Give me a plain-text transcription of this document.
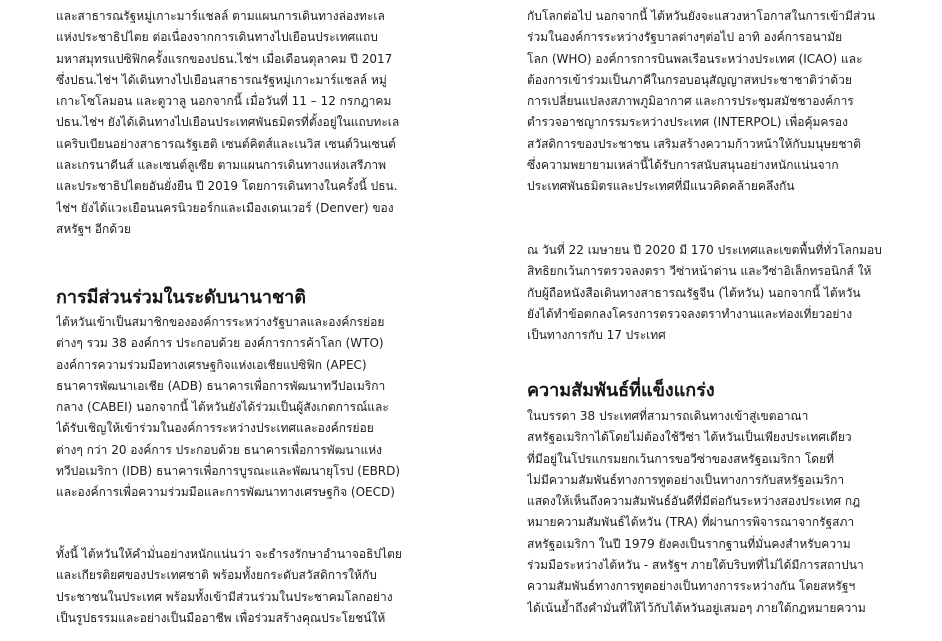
และสาธารณรัฐหมู่เกาะมาร์แชลล์ ตามแผนการเดินทางล่องทะเล
แห่งประชาธิปไตย ต่อเนื่องจากการเดินทางไปเยือนประเทศแถบ
มหาสมุทรแปซิฟิกครั้งแรกของปธน.ไช่ฯ เมื่อเดือนตุลาคม ปี 2017
ซึ่งปธน.ไช่ฯ ได้เดินทางไปเยือนสาธารณรัฐหมู่เกาะมาร์แชลล์ หมู่
เกาะโซโลมอน และตูวาลู นอกจากนี้ เมื่อวันที่ 11 – 12 กรกฎาคม
ปธน.ไช่ฯ ยังได้เดินทางไปเยือนประเทศพันธมิตรที่ตั้งอยู่ในแถบทะเล
แคริบเบียนอย่างสาธารณรัฐเฮติ เซนต์คิตส์และเนวิส เซนต์วินเซนต์
และเกรนาดีนส์ และเซนต์ลูเซีย ตามแผนการเดินทางแห่งเสรีภาพ
และประชาธิปไตยอันยั่งยืน ปี 2019 โดยการเดินทางในครั้งนี้ ปธน.
ไช่ฯ ยังได้แวะเยือนนครนิวยอร์กและเมืองเดนเวอร์ (Denver) ของ
สหรัฐฯ อีกด้วย

การมีส่วนร่วมในระดับนานาชาติ

ไต้หวันเข้าเป็นสมาชิกขององค์การระหว่างรัฐบาลและองค์กรย่อย
ต่างๆ รวม 38 องค์การ ประกอบด้วย องค์การการค้าโลก (WTO)
องค์การความร่วมมือทางเศรษฐกิจแห่งเอเชียแปซิฟิก (APEC)
ธนาคารพัฒนาเอเชีย (ADB) ธนาคารเพื่อการพัฒนาทวีปอเมริกา
กลาง (CABEI) นอกจากนี้ ไต้หวันยังได้ร่วมเป็นผู้สังเกตการณ์และ
ได้รับเชิญให้เข้าร่วมในองค์การระหว่างประเทศและองค์กรย่อย
ต่างๆ กว่า 20 องค์การ ประกอบด้วย ธนาคารเพื่อการพัฒนาแห่ง
ทวีปอเมริกา (IDB) ธนาคารเพื่อการบูรณะและพัฒนายุโรป (EBRD)
และองค์การเพื่อความร่วมมือและการพัฒนาทางเศรษฐกิจ (OECD)

ทั้งนี้ ไต้หวันให้คำมั่นอย่างหนักแน่นว่า จะธำรงรักษาอำนาจอธิปไตย
และเกียรติยศของประเทศชาติ พร้อมทั้งยกระดับสวัสดิการให้กับ
ประชาชนในประเทศ พร้อมทั้งเข้ามีส่วนร่วมในประชาคมโลกอย่าง
เป็นรูปธรรมและอย่างเป็นมืออาชีพ เพื่อร่วมสร้างคุณประโยชน์ให้

กับโลกต่อไป นอกจากนี้ ไต้หวันยังจะแสวงหาโอกาสในการเข้ามีส่วน
ร่วมในองค์การระหว่างรัฐบาลต่างๆต่อไป อาทิ องค์การอนามัย
โลก (WHO) องค์การการบินพลเรือนระหว่างประเทศ (ICAO) และ
ต้องการเข้าร่วมเป็นภาคีในกรอบอนุสัญญาสหประชาชาติว่าด้วย
การเปลี่ยนแปลงสภาพภูมิอากาศ และการประชุมสมัชชาองค์การ
ตำรวจอาชญากรรมระหว่างประเทศ (INTERPOL) เพื่อคุ้มครอง
สวัสดิการของประชาชน เสริมสร้างความก้าวหน้าให้กับมนุษยชาติ
ซึ่งความพยายามเหล่านี้ได้รับการสนับสนุนอย่างหนักแน่นจาก
ประเทศพันธมิตรและประเทศที่มีแนวคิดคล้ายคลึงกัน

ณ วันที่ 22 เมษายน ปี 2020 มี 170 ประเทศและเขตพื้นที่ทั่วโลกมอบ
สิทธิยกเว้นการตรวจลงตรา วีซ่าหน้าด่าน และวีซ่าอิเล็กทรอนิกส์ ให้
กับผู้ถือหนังสือเดินทางสาธารณรัฐจีน (ไต้หวัน) นอกจากนี้ ไต้หวัน
ยังได้ทำข้อตกลงโครงการตรวจลงตราทำงานและท่องเที่ยวอย่าง
เป็นทางการกับ 17 ประเทศ

ความสัมพันธ์ที่แข็งแกร่ง

ในบรรดา 38 ประเทศที่สามารถเดินทางเข้าสู่เขตอาณา
สหรัฐอเมริกาได้โดยไม่ต้องใช้วีซ่า ไต้หวันเป็นเพียงประเทศเดียว
ที่มีอยู่ในโปรแกรมยกเว้นการขอวีซ่าของสหรัฐอเมริกา โดยที่
ไม่มีความสัมพันธ์ทางการทูตอย่างเป็นทางการกับสหรัฐอเมริกา
แสดงให้เห็นถึงความสัมพันธ์อันดีที่มีต่อกันระหว่างสองประเทศ กฎ
หมายความสัมพันธ์ไต้หวัน (TRA) ที่ผ่านการพิจารณาจากรัฐสภา
สหรัฐอเมริกา ในปี 1979 ยังคงเป็นรากฐานที่มั่นคงสำหรับความ
ร่วมมือระหว่างไต้หวัน - สหรัฐฯ ภายใต้บริบทที่ไม่ได้มีการสถาปนา
ความสัมพันธ์ทางการทูตอย่างเป็นทางการระหว่างกัน โดยสหรัฐฯ
ได้เน้นย้ำถึงคำมั่นที่ให้ไว้กับไต้หวันอยู่เสมอๆ ภายใต้กฎหมายความ
